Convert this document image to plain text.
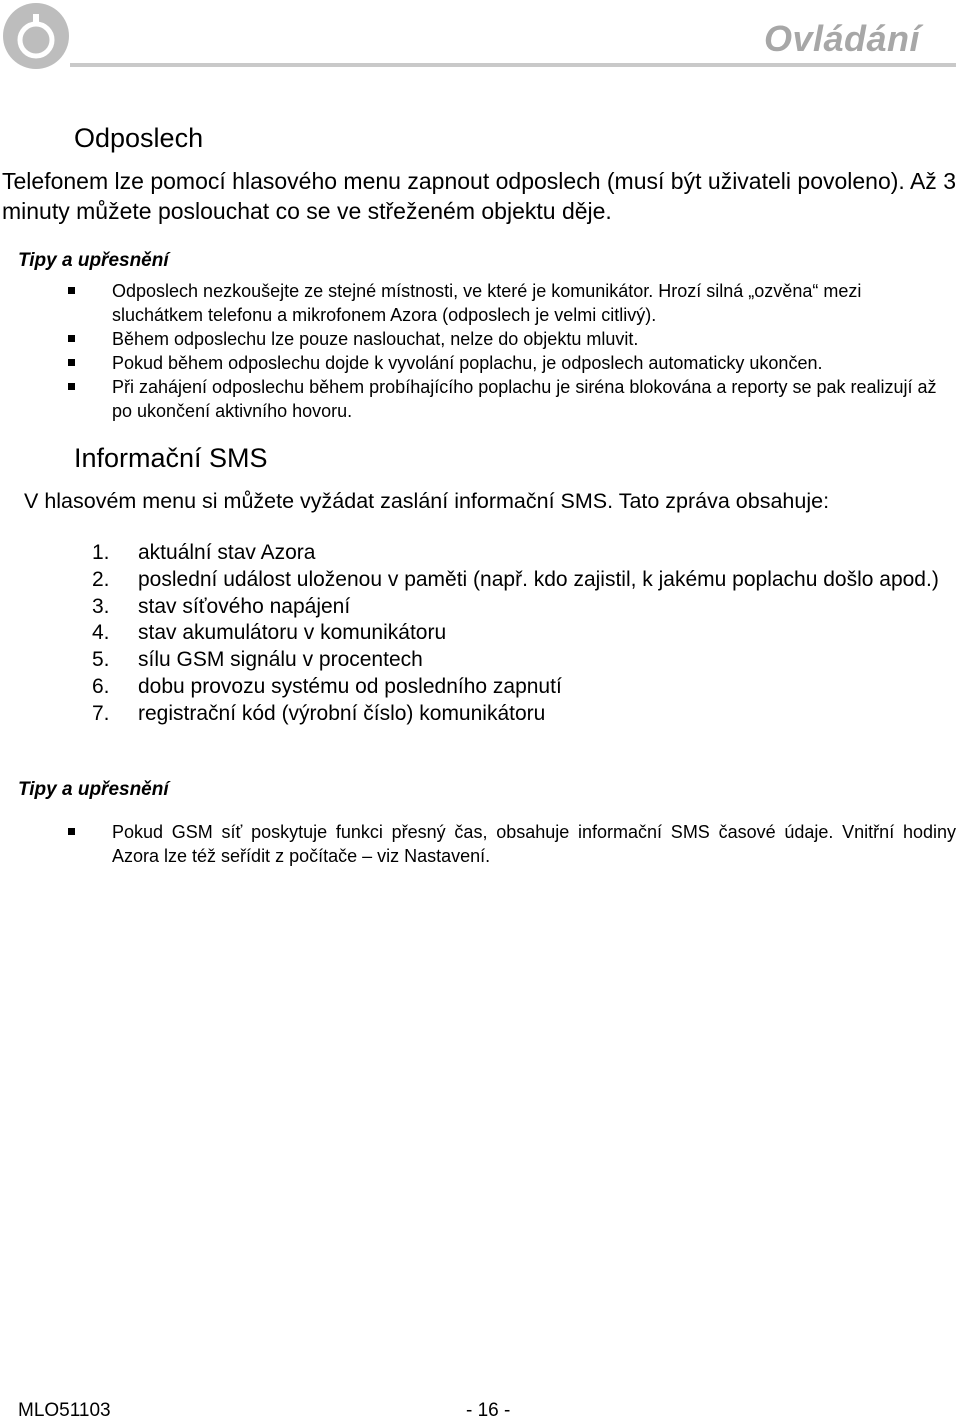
Ovládání
Odposlech

Telefonem lze pomocí hlasového menu zapnout odposlech (musí být uživateli povoleno). Až 3 minuty můžete poslouchat co se ve střeženém objektu děje.

Tipy a upřesnění
Odposlech nezkoušejte ze stejné místnosti, ve které je komunikátor. Hrozí silná „ozvěna“ mezi sluchátkem telefonu a mikrofonem Azora (odposlech je velmi citlivý).
Během odposlechu lze pouze naslouchat, nelze do objektu mluvit.
Pokud během odposlechu dojde k vyvolání poplachu, je odposlech automaticky ukončen.
Při zahájení odposlechu během probíhajícího poplachu je siréna blokována a reporty se pak realizují až po ukončení aktivního hovoru.
Informační SMS

V hlasovém menu si můžete vyžádat zaslání informační SMS. Tato zpráva obsahuje:

1. aktuální stav Azora
2. poslední událost uloženou v paměti (např. kdo zajistil, k jakému poplachu došlo apod.)
3. stav síťového napájení
4. stav akumulátoru v komunikátoru
5. sílu GSM signálu v procentech
6. dobu provozu systému od posledního zapnutí
7. registrační kód (výrobní číslo) komunikátoru
Tipy a upřesnění
Pokud GSM síť poskytuje funkci přesný čas, obsahuje informační SMS časové údaje. Vnitřní hodiny Azora lze též seřídit z počítače – viz Nastavení.
MLO51103	- 16 -
